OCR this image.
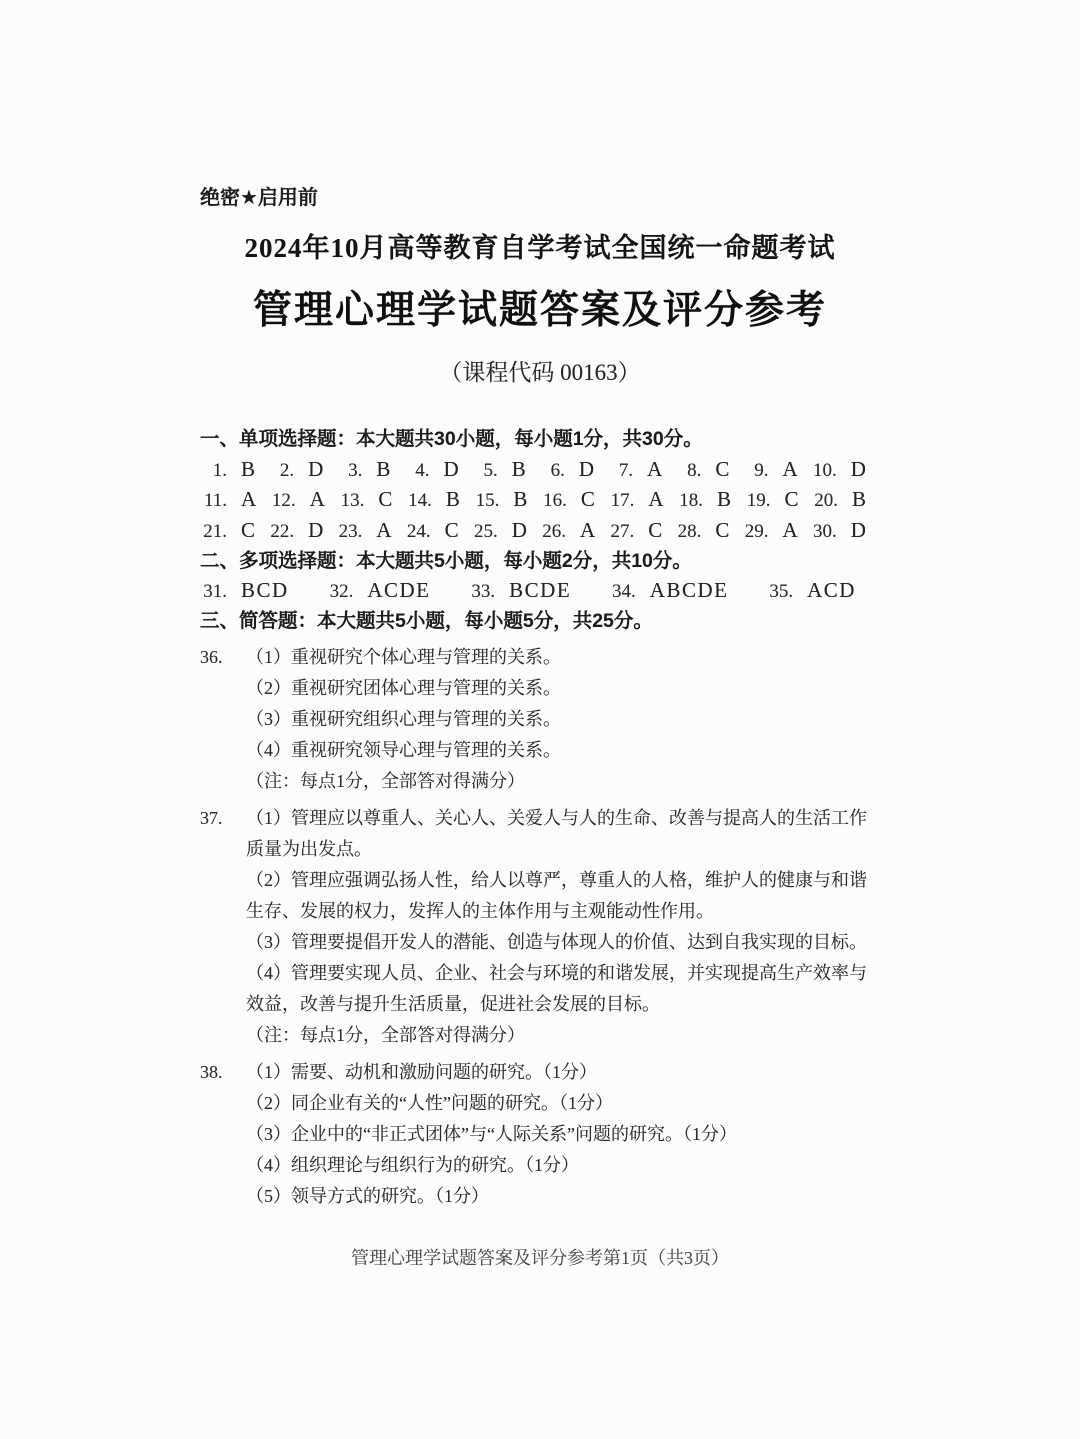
绝密★启用前
2024年10月高等教育自学考试全国统一命题考试
管理心理学试题答案及评分参考
（课程代码 00163）
一、单项选择题：本大题共30小题，每小题1分，共30分。
1. B	2. D	3. B	4. D	5. B	6. D	7. A	8. C	9. A 10. D
11. A 12. A 13. C 14. B 15. B 16. C 17. A 18. B 19. C 20. B
21. C 22. D 23. A 24. C 25. D 26. A 27. C 28. C 29. A 30. D
二、多项选择题：本大题共5小题，每小题2分，共10分。
31. BCD 32. ACDE 33. BCDE 34. ABCDE 35. ACD
三、简答题：本大题共5小题，每小题5分，共25分。
36. （1）重视研究个体心理与管理的关系。

（2）重视研究团体心理与管理的关系。

（3）重视研究组织心理与管理的关系。

（4）重视研究领导心理与管理的关系。

（注：每点1分，全部答对得满分）

37. （1）管理应以尊重人、关心人、关爱人与人的生命、改善与提高人的生活工作质量为出发点。

（2）管理应强调弘扬人性，给人以尊严，尊重人的人格，维护人的健康与和谐生存、发展的权力，发挥人的主体作用与主观能动性作用。

（3）管理要提倡开发人的潜能、创造与体现人的价值、达到自我实现的目标。

（4）管理要实现人员、企业、社会与环境的和谐发展，并实现提高生产效率与效益，改善与提升生活质量，促进社会发展的目标。

（注：每点1分，全部答对得满分）

38. （1）需要、动机和激励问题的研究。（1分）

（2）同企业有关的“人性”问题的研究。（1分）

（3）企业中的“非正式团体”与“人际关系”问题的研究。（1分）

（4）组织理论与组织行为的研究。（1分）

（5）领导方式的研究。（1分）

管理心理学试题答案及评分参考第1页（共3页）
